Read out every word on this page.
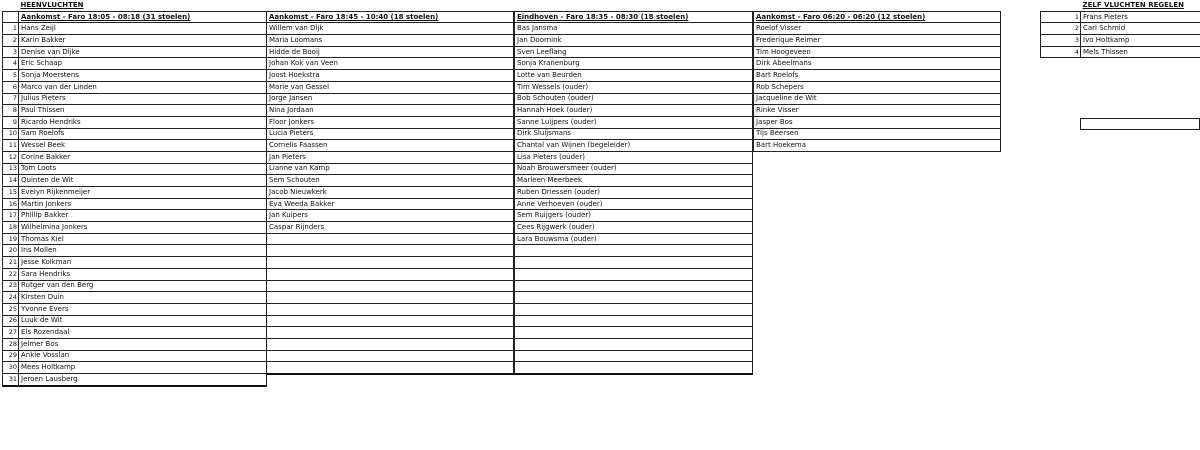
	HEENVLUCHTEN
	Aankomst - Faro 18:05 - 08:18 (31 stoelen)
1	Hans Zeijl
2	Karin Bakker
3	Denise van Dijke
4	Eric Schaap
5	Sonja Moerstens
6	Marco van der Linden
7	Julius Pieters
8	Paul Thissen
9	Ricardo Hendriks
10	Sam Roelofs
11	Wessel Beek
12	Corine Bakker
13	Tom Loots
14	Quinten de Wit
15	Evelyn Rijkenmeijer
16	Martin Jonkers
17	Phillip Bakker
18	Wilhelmina Jonkers
19	Thomas Kiel
20	Iris Mollen
21	Jesse Kolkman
22	Sara Hendriks
23	Rutger van den Berg
24	Kirsten Duin
25	Yvonne Evers
26	Luuk de Wit
27	Els Rozendaal
28	Jelmer Bos
29	Ankie Vosslan
30	Mees Holtkamp
31	Jeroen Lausberg

Aankomst - Faro 18:45 - 10:40 (18 stoelen)
Willem van Dijk
Maria Loomans
Hidde de Booij
Johan Kok van Veen
Joost Hoekstra
Marie van Gessel
Jorge Jansen
Nina Jordaan
Floor Jonkers
Lucia Pieters
Cornelis Faassen
Jan Pieters
Lianne van Kamp
Sem Schouten
Jacob Nieuwkerk
Eva Weeda Bakker
Jan Kuipers
Caspar Rijnders

Eindhoven - Faro 18:35 - 08:30 (18 stoelen)
Bas Jansma
Jan Doornink
Sven Leeflang
Sonja Kranenburg
Lotte van Beurden
Tim Wessels (ouder)
Bob Schouten (ouder)
Hannah Hoek (ouder)
Sanne Luijpers (ouder)
Dirk Sluijsmans
Chantal van Wijnen (begeleider)
Lisa Pieters (ouder)
Noah Brouwersmeer (ouder)
Marleen Meerbeek
Ruben Driessen (ouder)
Anne Verhoeven (ouder)
Sem Ruijgers (ouder)
Cees Rijgwerk (ouder)
Lara Bouwsma (ouder)

Aankomst - Faro 06:20 - 06:20 (12 stoelen)
Roelof Visser
Frederique Reimer
Tim Hoogeveen
Dirk Abeelmans
Bart Roelofs
Rob Schepers
Jacqueline de Wit
Rinke Visser
Jasper Bos
Tijs Beersen
Bart Hoekema
	ZELF VLUCHTEN REGELEN
1	Frans Pieters
2	Carl Schmid
3	Ivo Holtkamp
4	Mels Thissen
